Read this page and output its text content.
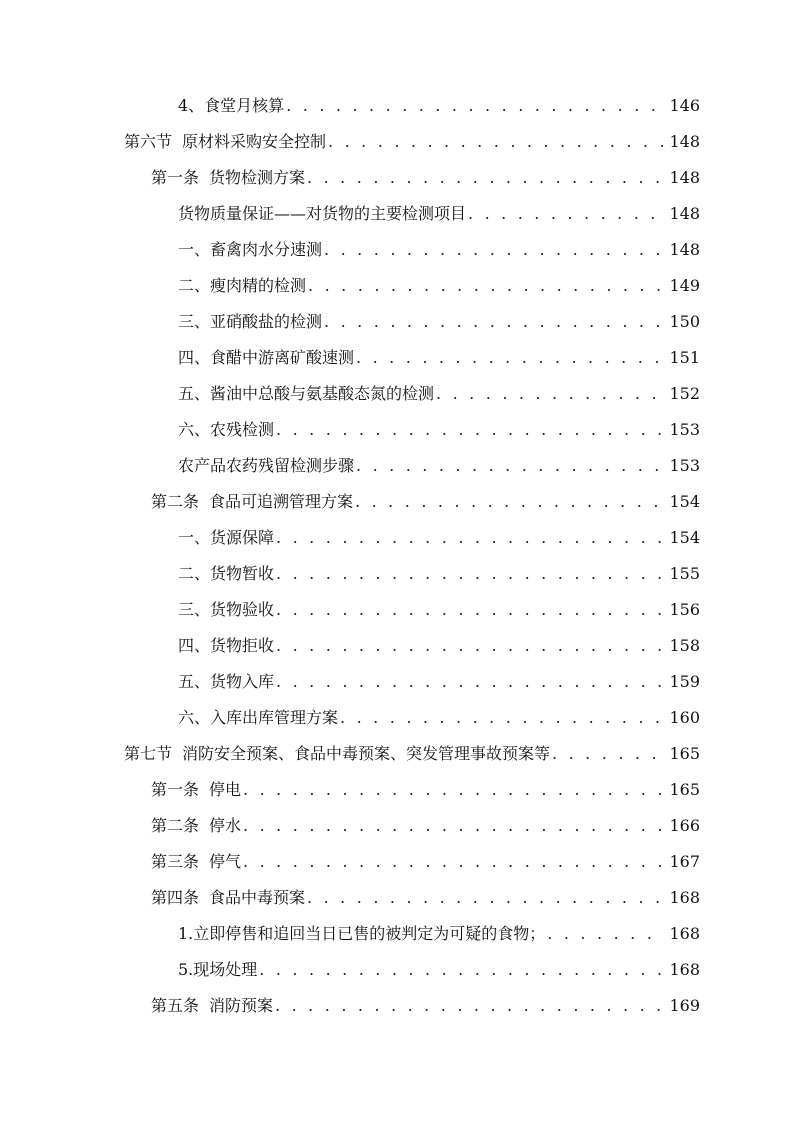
4、食堂月核算 . . .	146
第六节 原材料采购安全控制 . . .	148
第一条 货物检测方案 . . .	148
货物质量保证——对货物的主要检测项目 . . .	148
一、 畜禽肉水分速测 . . .	148
二、 瘦肉精的检测 . . .	149
三、 亚硝酸盐的检测 . . .	150
四、 食醋中游离矿酸速测 . . .	151
五、 酱油中总酸与氨基酸态氮的检测 . . .	152
六、 农残检测 . . .	153
农产品农药残留检测步骤 . . .	153
第二条 食品可追溯管理方案 . . .	154
一、 货源保障 . . .	154
二、 货物暂收 . . .	155
三、 货物验收 . . .	156
四、 货物拒收 . . .	158
五、 货物入库 . . .	159
六、 入库出库管理方案 . . .	160
第七节 消防安全预案、食品中毒预案、突发管理事故预案等 . . .	165
第一条 停电 . . .	165
第二条 停水 . . .	166
第三条 停气 . . .	167
第四条 食品中毒预案 . . .	168
1.立即停售和追回当日已售的被判定为可疑的食物； . . .	168
5.现场处理 . . .	168
第五条 消防预案 . . .	169
